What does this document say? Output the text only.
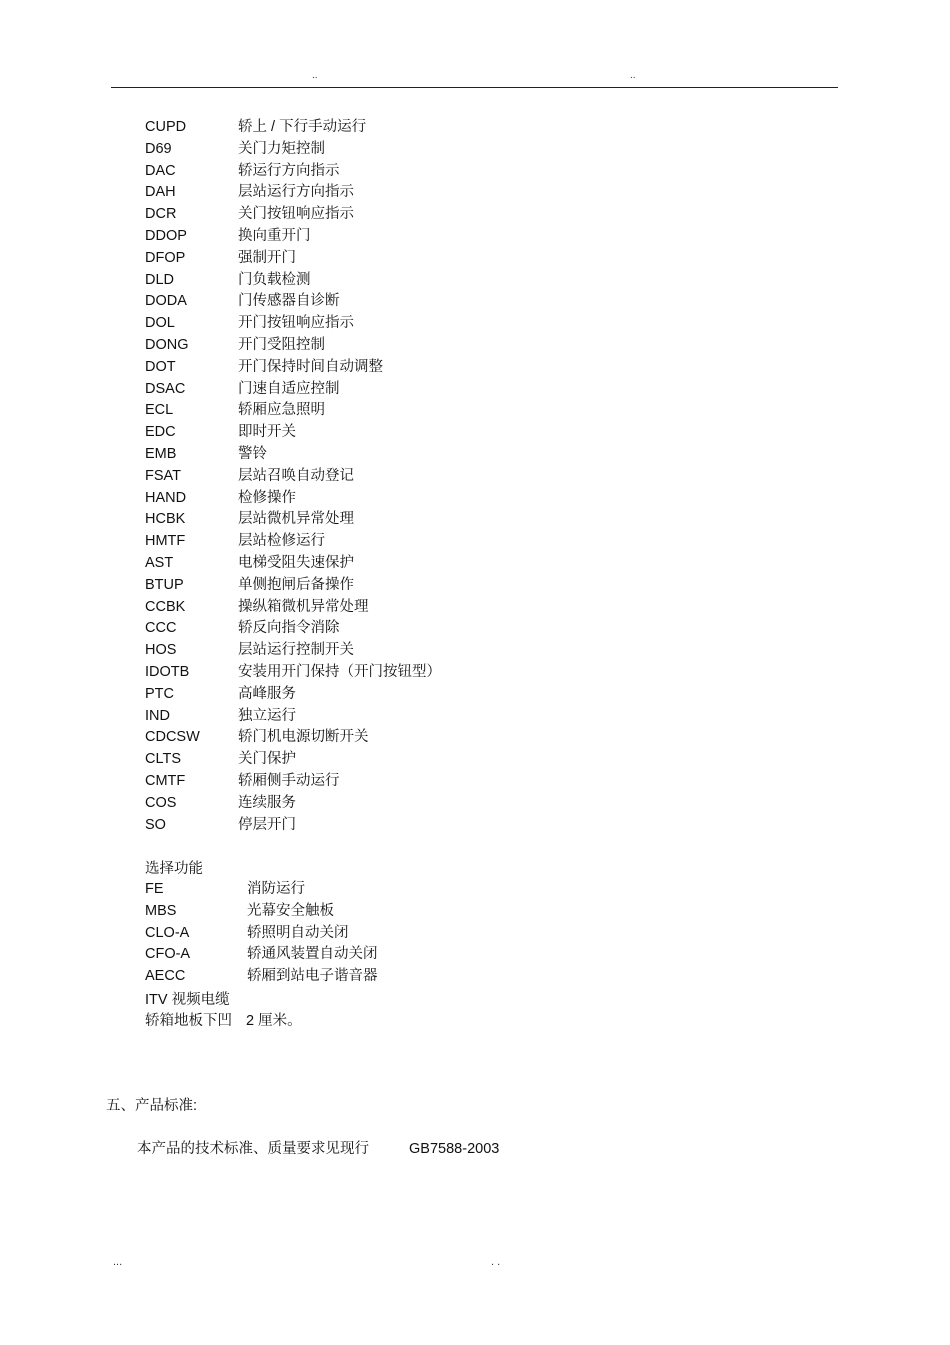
..	..
CUPD	轿上 / 下行手动运行
D69	关门力矩控制
DAC	轿运行方向指示
DAH	层站运行方向指示
DCR	关门按钮响应指示
DDOP	换向重开门
DFOP	强制开门
DLD	门负载检测
DODA	门传感器自诊断
DOL	开门按钮响应指示
DONG	开门受阻控制
DOT	开门保持时间自动调整
DSAC	门速自适应控制
ECL	轿厢应急照明
EDC	即时开关
EMB	警铃
FSAT	层站召唤自动登记
HAND	检修操作
HCBK	层站微机异常处理
HMTF	层站检修运行
AST	电梯受阻失速保护
BTUP	单侧抱闸后备操作
CCBK	操纵箱微机异常处理
CCC	轿反向指令消除
HOS	层站运行控制开关
IDOTB	安装用开门保持（开门按钮型）
PTC	高峰服务
IND	独立运行
CDCSW	轿门机电源切断开关
CLTS	关门保护
CMTF	轿厢侧手动运行
COS	连续服务
SO	停层开门
选择功能
FE	消防运行
MBS	光幕安全触板
CLO-A	轿照明自动关闭
CFO-A	轿通风装置自动关闭
AECC	轿厢到站电子谐音器
ITV 视频电缆
轿箱地板下凹 2 厘米。
五、产品标准:
本产品的技术标准、质量要求见现行	GB7588-2003
...	. .
